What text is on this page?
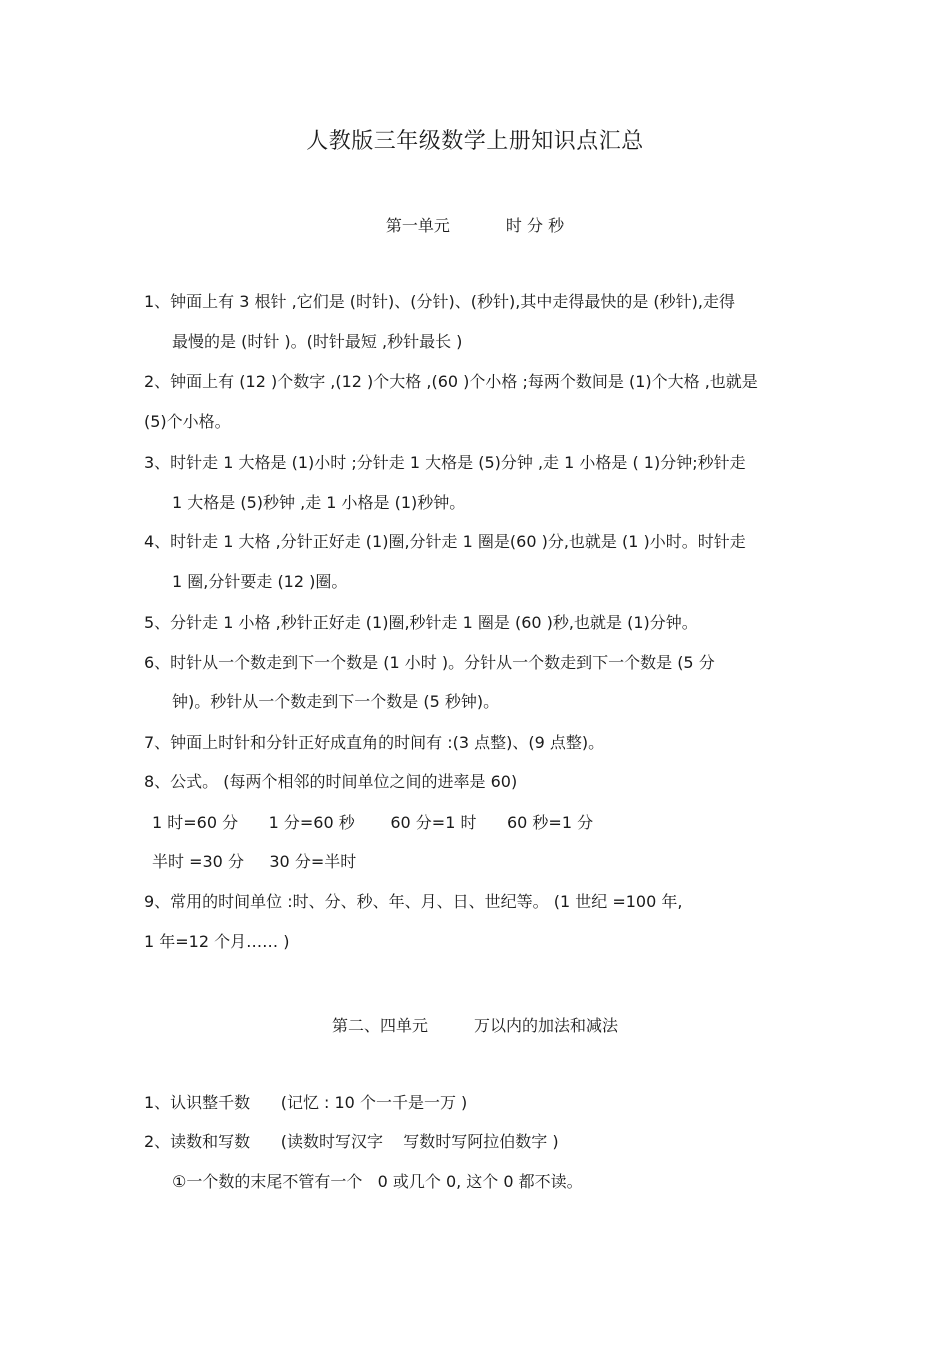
人教版三年级数学上册知识点汇总
第一单元	时 分 秒
1、钟面上有 3 根针 ,它们是 (时针)、(分针)、(秒针),其中走得最快的是 (秒针),走得
最慢的是 (时针 )。(时针最短 ,秒针最长 )
2、钟面上有 (12 )个数字 ,(12 )个大格 ,(60 )个小格 ;每两个数间是 (1)个大格 ,也就是
(5)个小格。
3、时针走 1 大格是 (1)小时 ;分针走 1 大格是 (5)分钟 ,走 1 小格是 ( 1)分钟;秒针走
1 大格是 (5)秒钟 ,走 1 小格是 (1)秒钟。
4、时针走 1 大格 ,分针正好走 (1)圈,分针走 1 圈是(60 )分,也就是 (1 )小时。时针走
1 圈,分针要走 (12 )圈。
5、分针走 1 小格 ,秒针正好走 (1)圈,秒针走 1 圈是 (60 )秒,也就是 (1)分钟。
6、时针从一个数走到下一个数是 (1 小时 )。分针从一个数走到下一个数是 (5 分
钟)。秒针从一个数走到下一个数是 (5 秒钟)。
7、钟面上时针和分针正好成直角的时间有 :(3 点整)、(9 点整)。
8、公式。 (每两个相邻的时间单位之间的进率是 60)
1 时=60 分      1 分=60 秒       60 分=1 时      60 秒=1 分
半时 =30 分     30 分=半时
9、常用的时间单位 :时、分、秒、年、月、日、世纪等。 (1 世纪 =100 年,
1 年=12 个月…… )
第二、四单元	万以内的加法和减法
1、认识整千数      (记忆 : 10 个一千是一万 )
2、读数和写数      (读数时写汉字    写数时写阿拉伯数字 )
①一个数的末尾不管有一个   0 或几个 0, 这个 0 都不读。
